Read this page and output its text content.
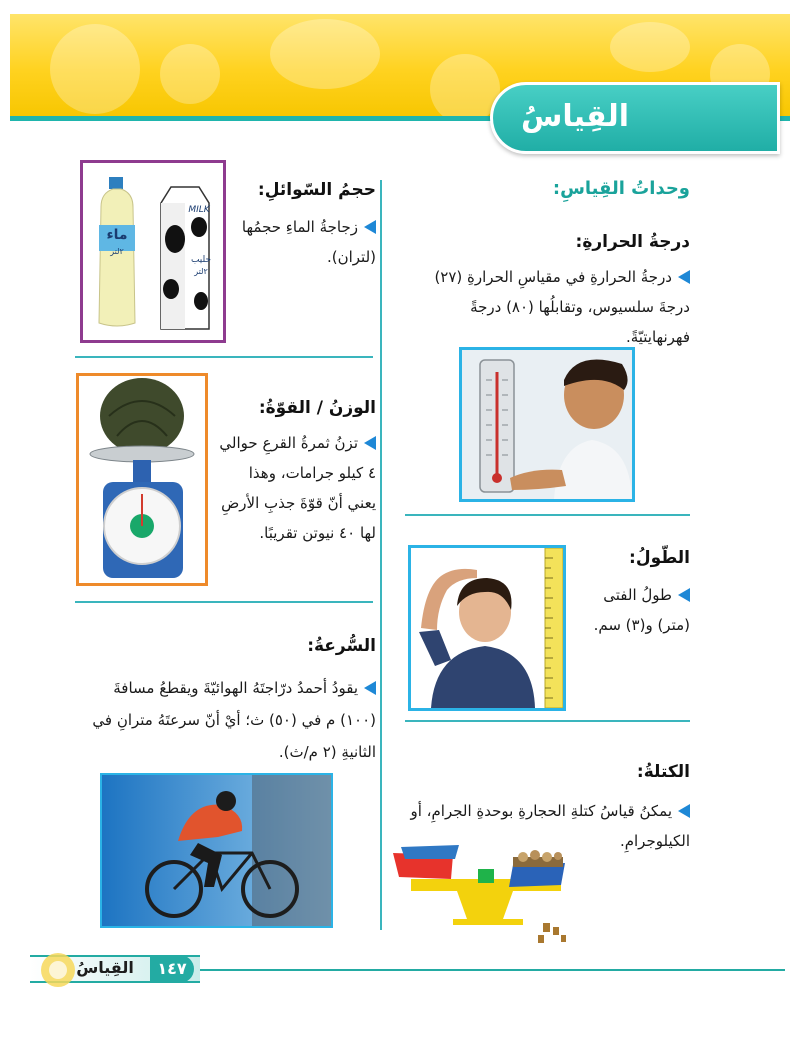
القِياسُ
وحداتُ القِياسِ:
درجةُ الحرارةِ:
درجةُ الحرارةِ في مقياسِ الحرارةِ (٢٧) درجةَ سلسيوس، وتقابلُها (٨٠) درجةً فهرنهايتيّةً.
الطّولُ:
طولُ الفتى (متر) و(٣) سم.
الكتلةُ:
يمكنُ قياسُ كتلةِ الحجارةِ بوحدةِ الجرامِ، أو الكيلوجرامِ.
حجمُ السّوائلِ:
زجاجةُ الماءِ حجمُها (لتران).
ماء
٢لتر
MILK
حليب
٢لتر
الوزنُ / القوّةُ:
تزنُ ثمرةُ القرعِ حوالي ٤ كيلو جرامات، وهذا يعني أنّ قوّةَ جذبِ الأرضِ لها ٤٠ نيوتن تقريبًا.
السُّرعةُ:
يقودُ أحمدُ درّاجتَهُ الهوائيّةَ ويقطعُ مسافةَ (١٠٠) م في (٥٠) ث؛ أيْ أنّ سرعتَهُ مترانِ في الثانيةِ (٢ م/ث).
القِياسُ	١٤٧
